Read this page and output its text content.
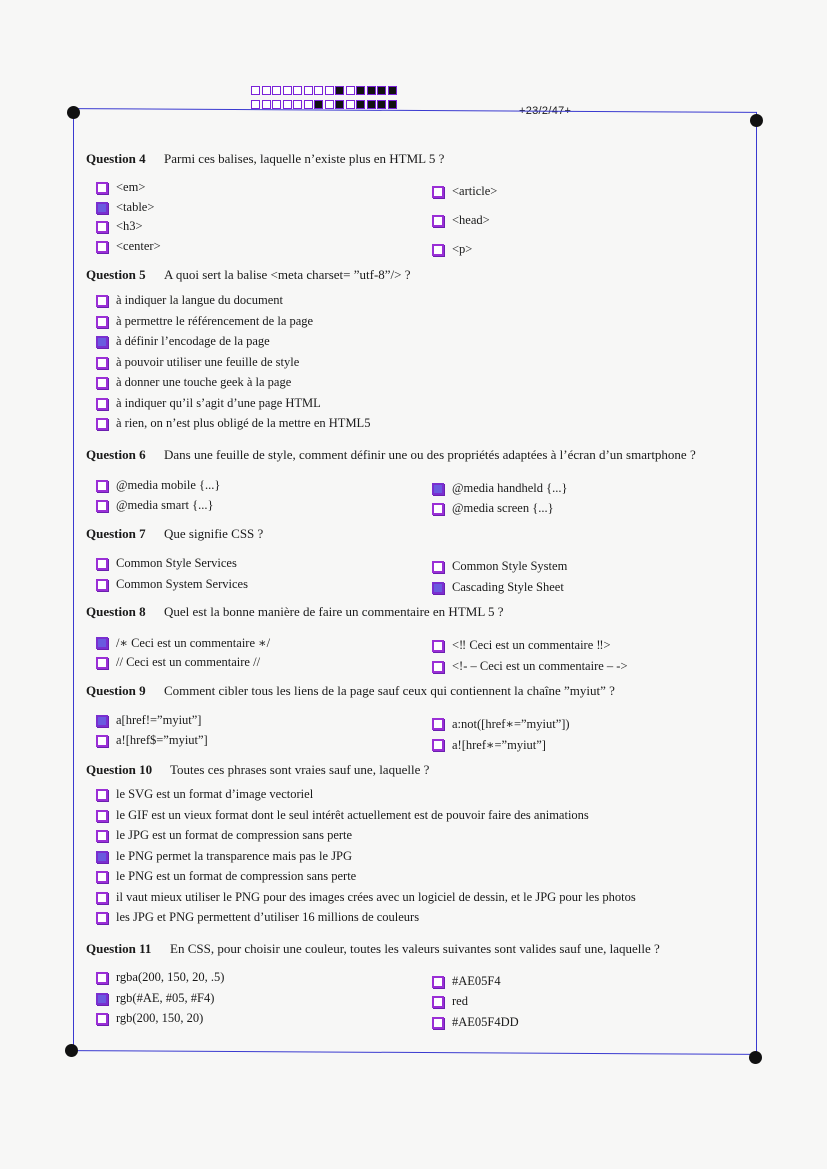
+23/2/47+
Question 4 Parmi ces balises, laquelle n’existe plus en HTML 5 ?
<em>
<table>
<h3>
<center>
<article>
<head>
<p>
Question 5 A quoi sert la balise <meta charset= ”utf-8”/> ?
à indiquer la langue du document
à permettre le référencement de la page
à définir l’encodage de la page
à pouvoir utiliser une feuille de style
à donner une touche geek à la page
à indiquer qu’il s’agit d’une page HTML
à rien, on n’est plus obligé de la mettre en HTML5
Question 6 Dans une feuille de style, comment définir une ou des propriétés adaptées à l’écran d’un smartphone ?
@media mobile {...}
@media smart {...}
@media handheld {...}
@media screen {...}
Question 7 Que signifie CSS ?
Common Style Services
Common System Services
Common Style System
Cascading Style Sheet
Question 8 Quel est la bonne manière de faire un commentaire en HTML 5 ?
/∗ Ceci est un commentaire ∗/
// Ceci est un commentaire //
<‼ Ceci est un commentaire ‼>
<!- – Ceci est un commentaire – ->
Question 9 Comment cibler tous les liens de la page sauf ceux qui contiennent la chaîne ”myiut” ?
a[href!=”myiut”]
a![href$=”myiut”]
a:not([href∗=”myiut”])
a![href∗=”myiut”]
Question 10 Toutes ces phrases sont vraies sauf une, laquelle ?
le SVG est un format d’image vectoriel
le GIF est un vieux format dont le seul intérêt actuellement est de pouvoir faire des animations
le JPG est un format de compression sans perte
le PNG permet la transparence mais pas le JPG
le PNG est un format de compression sans perte
il vaut mieux utiliser le PNG pour des images crées avec un logiciel de dessin, et le JPG pour les photos
les JPG et PNG permettent d’utiliser 16 millions de couleurs
Question 11 En CSS, pour choisir une couleur, toutes les valeurs suivantes sont valides sauf une, laquelle ?
rgba(200, 150, 20, .5)
rgb(#AE, #05, #F4)
rgb(200, 150, 20)
#AE05F4
red
#AE05F4DD
